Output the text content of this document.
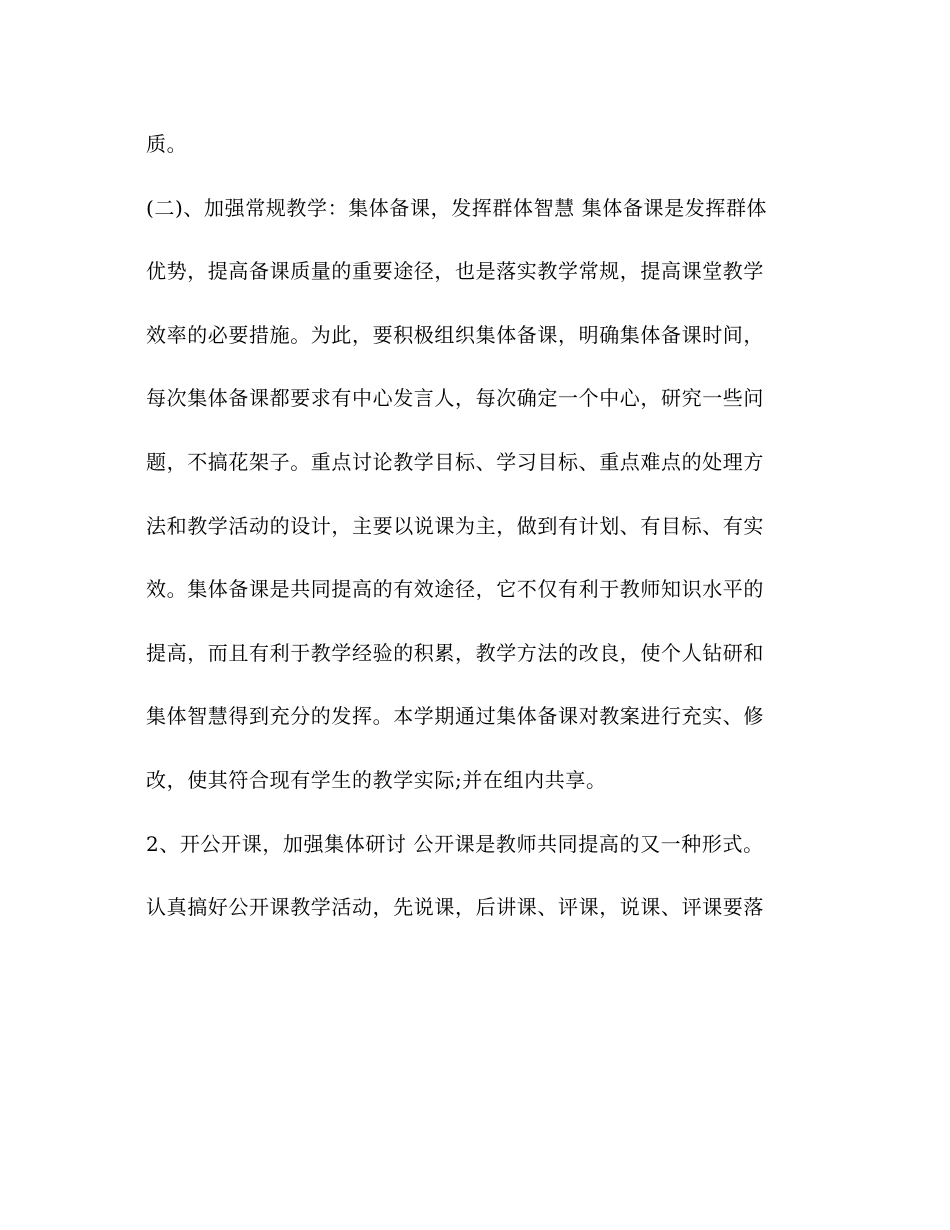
质。
(二)、加强常规教学：集体备课，发挥群体智慧 集体备课是发挥群体
优势，提高备课质量的重要途径，也是落实教学常规，提高课堂教学
效率的必要措施。为此，要积极组织集体备课，明确集体备课时间，
每次集体备课都要求有中心发言人，每次确定一个中心，研究一些问
题，不搞花架子。重点讨论教学目标、学习目标、重点难点的处理方
法和教学活动的设计，主要以说课为主，做到有计划、有目标、有实
效。集体备课是共同提高的有效途径，它不仅有利于教师知识水平的
提高，而且有利于教学经验的积累，教学方法的改良，使个人钻研和
集体智慧得到充分的发挥。本学期通过集体备课对教案进行充实、修
改，使其符合现有学生的教学实际;并在组内共享。
2、开公开课，加强集体研讨 公开课是教师共同提高的又一种形式。
认真搞好公开课教学活动，先说课，后讲课、评课，说课、评课要落
